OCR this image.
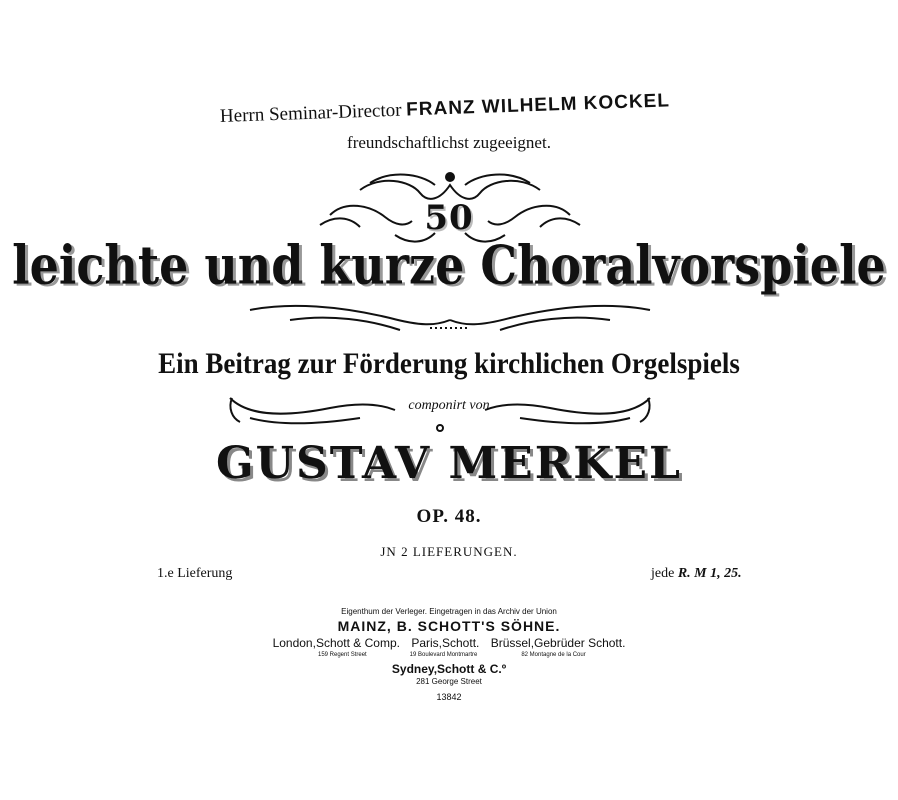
Herrn Seminar-Director FRANZ WILHELM KOCKEL
freundschaftlichst zugeeignet.
50
leichte und kurze Choralvorspiele
Ein Beitrag zur Förderung kirchlichen Orgelspiels
componirt von
GUSTAV MERKEL
OP. 48.
JN 2 LIEFERUNGEN.
1.e Lieferung	jede R. M 1, 25.
Eigenthum der Verleger. Eingetragen in das Archiv der Union
MAINZ, B. SCHOTT'S SÖHNE.
London,Schott & Comp. Paris,Schott. Brüssel,Gebrüder Schott.
159 Regent Street	19 Boulevard Montmartre	82 Montagne de la Cour
Sydney,Schott & C.º
281 George Street
13842
